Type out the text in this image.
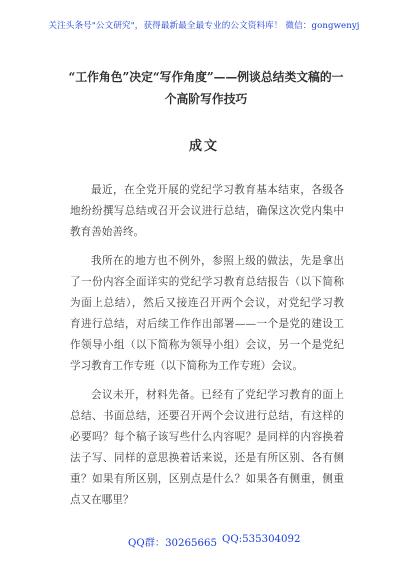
关注头条号"公文研究"，获得最新最全最专业的公文资料库！ 微信：gongwenyj
“工作角色”决定“写作角度”——例谈总结类文稿的一
个高阶写作技巧
成文
最近，在全党开展的党纪学习教育基本结束，各级各
地纷纷撰写总结或召开会议进行总结，确保这次党内集中
教育善始善终。
我所在的地方也不例外，参照上级的做法，先是拿出
了一份内容全面详实的党纪学习教育总结报告（以下简称
为面上总结），然后又接连召开两个会议，对党纪学习教
育进行总结，对后续工作作出部署——一个是党的建设工
作领导小组（以下简称为领导小组）会议，另一个是党纪
学习教育工作专班（以下简称为工作专班）会议。
会议未开，材料先备。已经有了党纪学习教育的面上
总结、书面总结，还要召开两个会议进行总结，有这样的
必要吗？每个稿子该写些什么内容呢？是同样的内容换着
法子写、同样的意思换着话来说，还是有所区别、各有侧
重？如果有所区别，区别点是什么？如果各有侧重，侧重
点又在哪里？
QQ群：30265665 QQ:535304092
